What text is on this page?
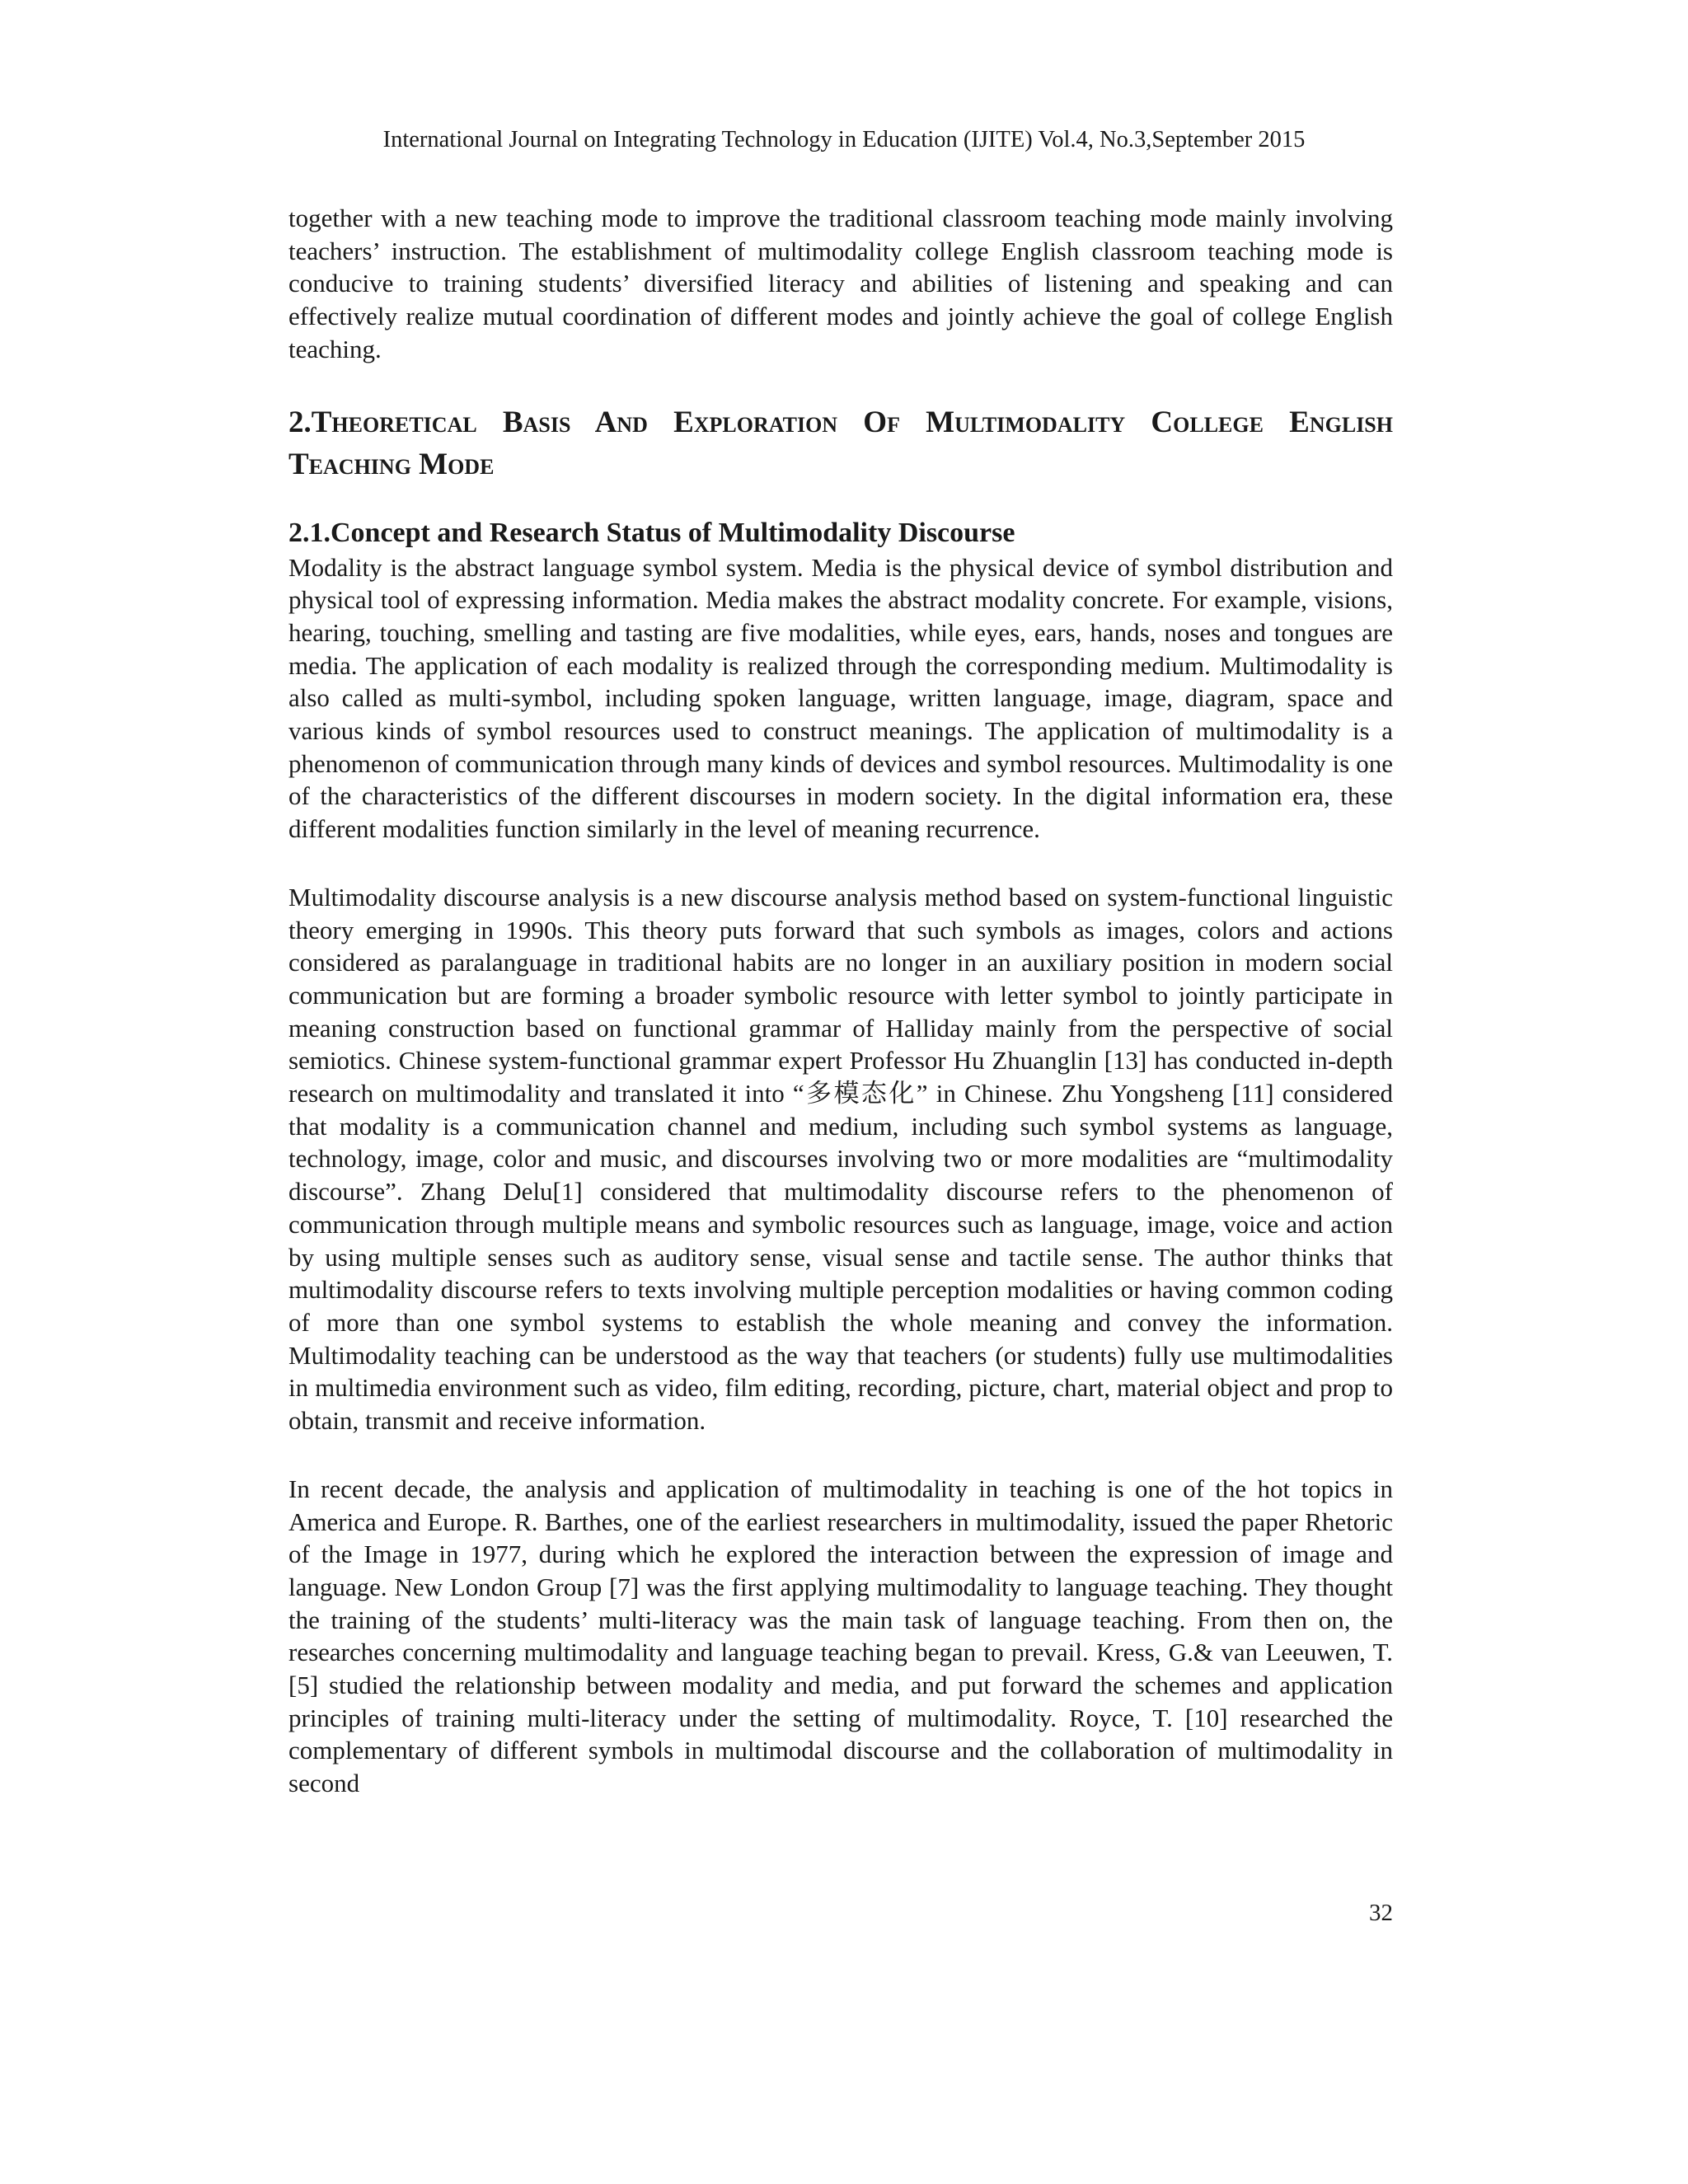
International Journal on Integrating Technology in Education (IJITE) Vol.4, No.3,September 2015

together with a new teaching mode to improve the traditional classroom teaching mode mainly involving teachers’ instruction. The establishment of multimodality college English classroom teaching mode is conducive to training students’ diversified literacy and abilities of listening and speaking and can effectively realize mutual coordination of different modes and jointly achieve the goal of college English teaching.

2.Theoretical Basis And Exploration Of Multimodality College English Teaching Mode
2.1.Concept and Research Status of Multimodality Discourse

Modality is the abstract language symbol system. Media is the physical device of symbol distribution and physical tool of expressing information. Media makes the abstract modality concrete. For example, visions, hearing, touching, smelling and tasting are five modalities, while eyes, ears, hands, noses and tongues are media. The application of each modality is realized through the corresponding medium. Multimodality is also called as multi-symbol, including spoken language, written language, image, diagram, space and various kinds of symbol resources used to construct meanings. The application of multimodality is a phenomenon of communication through many kinds of devices and symbol resources. Multimodality is one of the characteristics of the different discourses in modern society. In the digital information era, these different modalities function similarly in the level of meaning recurrence.

Multimodality discourse analysis is a new discourse analysis method based on system-functional linguistic theory emerging in 1990s. This theory puts forward that such symbols as images, colors and actions considered as paralanguage in traditional habits are no longer in an auxiliary position in modern social communication but are forming a broader symbolic resource with letter symbol to jointly participate in meaning construction based on functional grammar of Halliday mainly from the perspective of social semiotics. Chinese system-functional grammar expert Professor Hu Zhuanglin [13] has conducted in-depth research on multimodality and translated it into “多模态化” in Chinese. Zhu Yongsheng [11] considered that modality is a communication channel and medium, including such symbol systems as language, technology, image, color and music, and discourses involving two or more modalities are “multimodality discourse”. Zhang Delu[1] considered that multimodality discourse refers to the phenomenon of communication through multiple means and symbolic resources such as language, image, voice and action by using multiple senses such as auditory sense, visual sense and tactile sense. The author thinks that multimodality discourse refers to texts involving multiple perception modalities or having common coding of more than one symbol systems to establish the whole meaning and convey the information. Multimodality teaching can be understood as the way that teachers (or students) fully use multimodalities in multimedia environment such as video, film editing, recording, picture, chart, material object and prop to obtain, transmit and receive information.

In recent decade, the analysis and application of multimodality in teaching is one of the hot topics in America and Europe. R. Barthes, one of the earliest researchers in multimodality, issued the paper Rhetoric of the Image in 1977, during which he explored the interaction between the expression of image and language. New London Group [7] was the first applying multimodality to language teaching. They thought the training of the students’ multi-literacy was the main task of language teaching. From then on, the researches concerning multimodality and language teaching began to prevail. Kress, G.& van Leeuwen, T. [5] studied the relationship between modality and media, and put forward the schemes and application principles of training multi-literacy under the setting of multimodality. Royce, T. [10] researched the complementary of different symbols in multimodal discourse and the collaboration of multimodality in second

32
